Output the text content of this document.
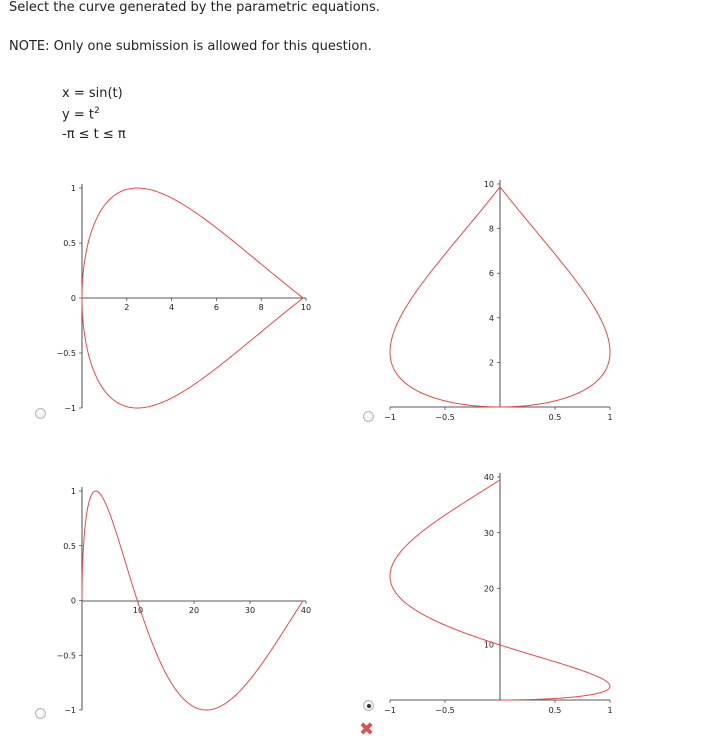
Select the curve generated by the parametric equations.
NOTE: Only one submission is allowed for this question.
x = sin(t)
$y = t^2$
-π ≤ t ≤ π
2	4	6	8	10
1
0.5
0
−0.5
−1
−1	−0.5	0.5	1
10
8
6
4
2
10	20	30	40
1
0.5
0
−0.5
−1	−1	−0.5	0.5	1
40
30
20
10
✖
